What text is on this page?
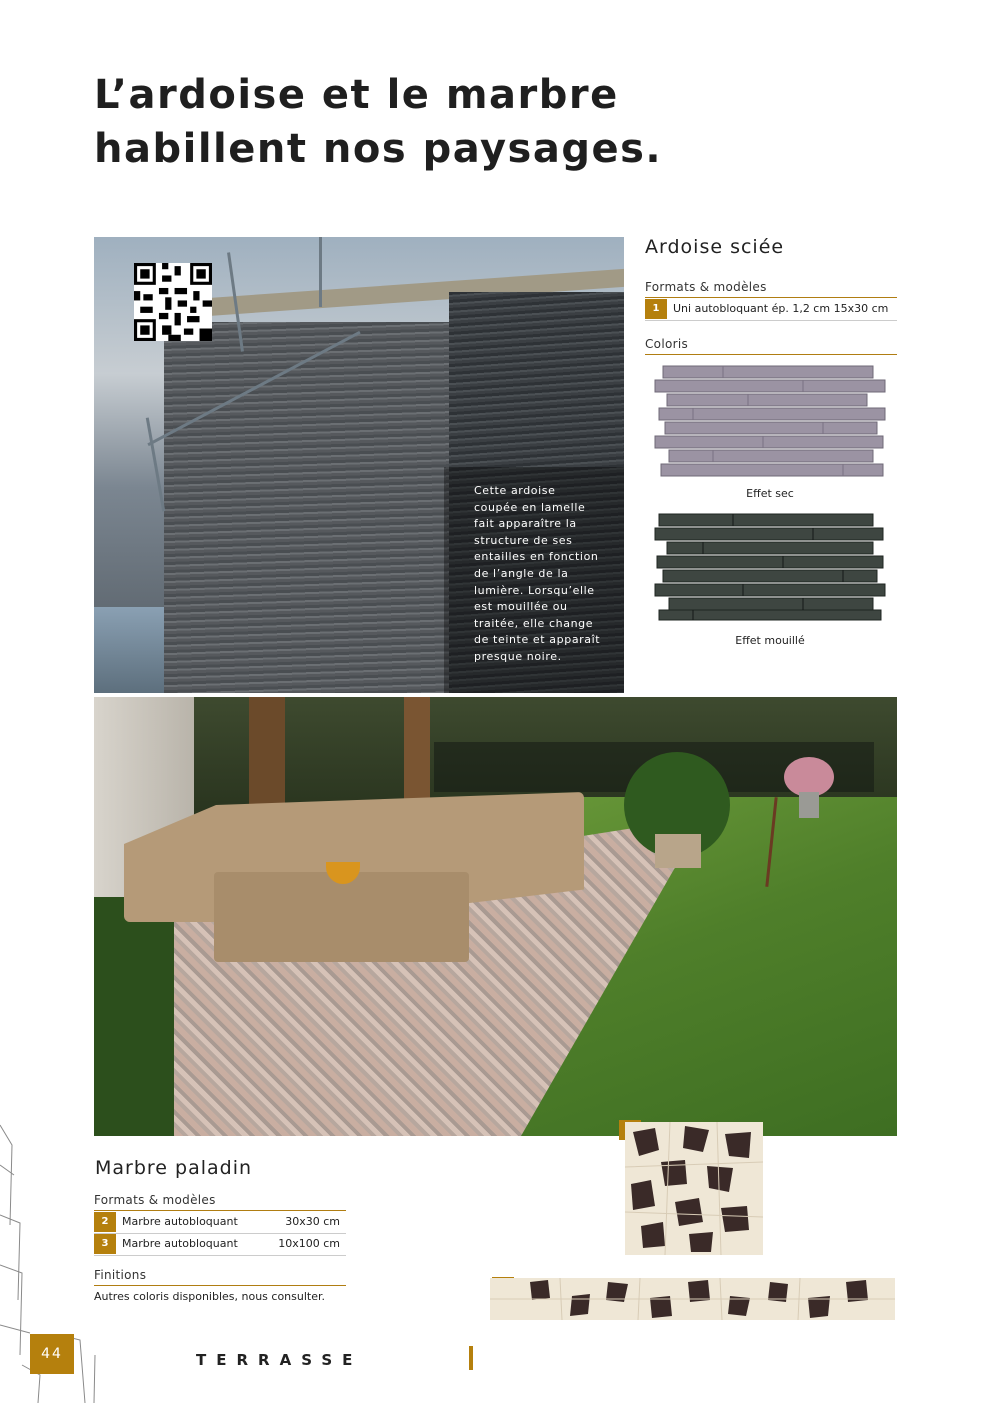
L’ardoise et le marbre
habillent nos paysages.
Cette ardoise
coupée en lamelle
fait apparaître la
structure de ses
entailles en fonction
de l’angle de la
lumière. Lorsqu’elle
est mouillée ou
traitée, elle change
de teinte et apparaît
presque noire.
Ardoise sciée
Formats & modèles
1	Uni autobloquant ép. 1,2 cm 15x30 cm
Coloris
Effet sec
Effet mouillé
Marbre paladin
Formats & modèles
2	Marbre autobloquant	30x30 cm
3	Marbre autobloquant	10x100 cm
Finitions
Autres coloris disponibles, nous consulter.
44	TERRASSE
